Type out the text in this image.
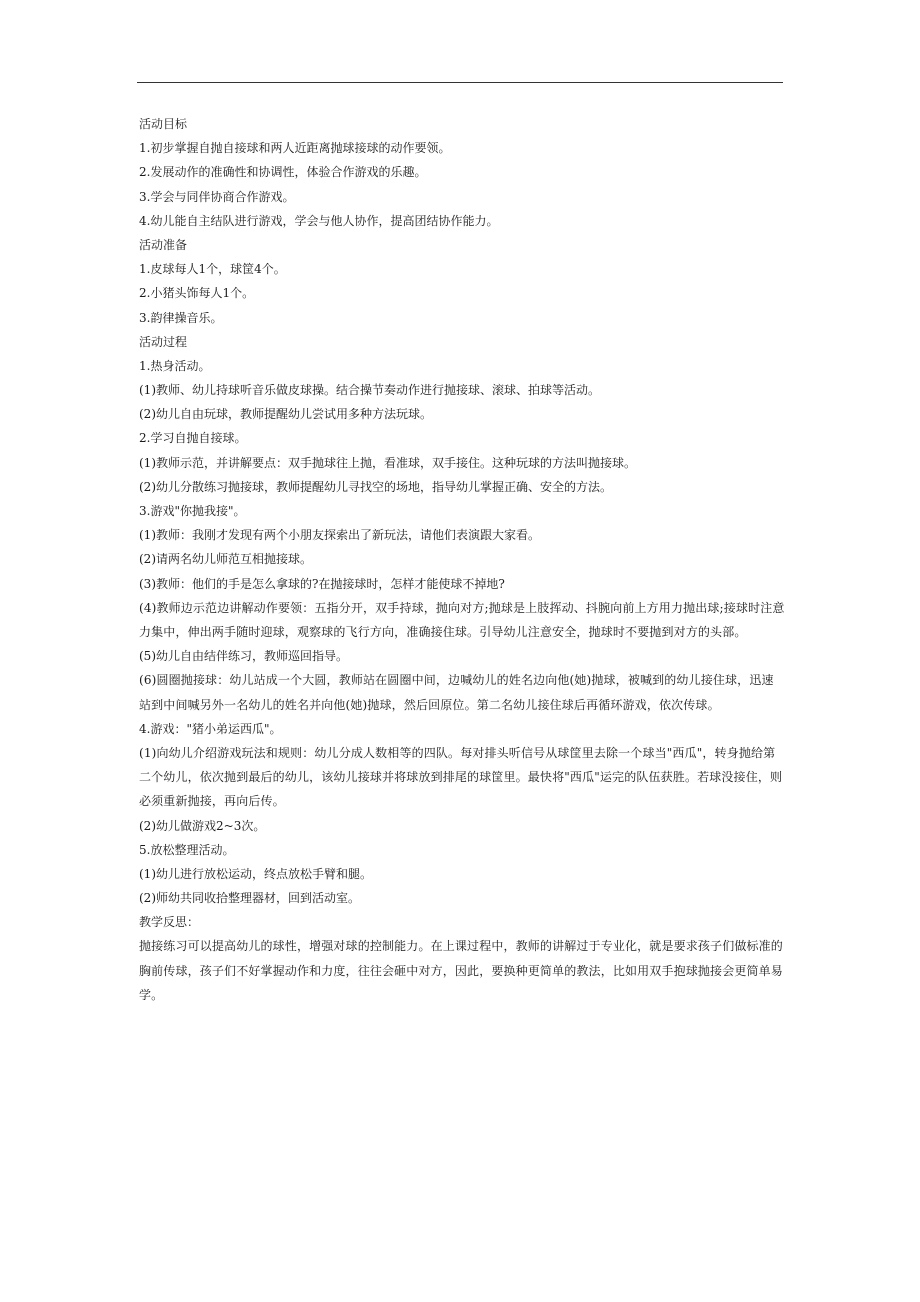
活动目标
1.初步掌握自抛自接球和两人近距离抛球接球的动作要领。
2.发展动作的准确性和协调性，体验合作游戏的乐趣。
3.学会与同伴协商合作游戏。
4.幼儿能自主结队进行游戏，学会与他人协作，提高团结协作能力。
活动准备
1.皮球每人1个，球筐4个。
2.小猪头饰每人1个。
3.韵律操音乐。
活动过程
1.热身活动。
(1)教师、幼儿持球听音乐做皮球操。结合操节奏动作进行抛接球、滚球、拍球等活动。
(2)幼儿自由玩球，教师提醒幼儿尝试用多种方法玩球。
2.学习自抛自接球。
(1)教师示范，并讲解要点：双手抛球往上抛，看准球，双手接住。这种玩球的方法叫抛接球。
(2)幼儿分散练习抛接球，教师提醒幼儿寻找空的场地，指导幼儿掌握正确、安全的方法。
3.游戏"你抛我接"。
(1)教师：我刚才发现有两个小朋友探索出了新玩法，请他们表演跟大家看。
(2)请两名幼儿师范互相抛接球。
(3)教师：他们的手是怎么拿球的?在抛接球时，怎样才能使球不掉地?
(4)教师边示范边讲解动作要领：五指分开，双手持球，抛向对方;抛球是上肢挥动、抖腕向前上方用力抛出球;接球时注意力集中，伸出两手随时迎球，观察球的飞行方向，准确接住球。引导幼儿注意安全，抛球时不要抛到对方的头部。
(5)幼儿自由结伴练习，教师巡回指导。
(6)圆圈抛接球：幼儿站成一个大圆，教师站在圆圈中间，边喊幼儿的姓名边向他(她)抛球，被喊到的幼儿接住球，迅速站到中间喊另外一名幼儿的姓名并向他(她)抛球，然后回原位。第二名幼儿接住球后再循环游戏，依次传球。
4.游戏："猪小弟运西瓜"。
(1)向幼儿介绍游戏玩法和规则：幼儿分成人数相等的四队。每对排头听信号从球筐里去除一个球当"西瓜"，转身抛给第二个幼儿，依次抛到最后的幼儿，该幼儿接球并将球放到排尾的球筐里。最快将"西瓜"运完的队伍获胜。若球没接住，则必须重新抛接，再向后传。
(2)幼儿做游戏2~3次。
5.放松整理活动。
(1)幼儿进行放松运动，终点放松手臂和腿。
(2)师幼共同收拾整理器材，回到活动室。
教学反思：
抛接练习可以提高幼儿的球性，增强对球的控制能力。在上课过程中，教师的讲解过于专业化，就是要求孩子们做标准的胸前传球，孩子们不好掌握动作和力度，往往会砸中对方，因此，要换种更简单的教法，比如用双手抱球抛接会更简单易学。
